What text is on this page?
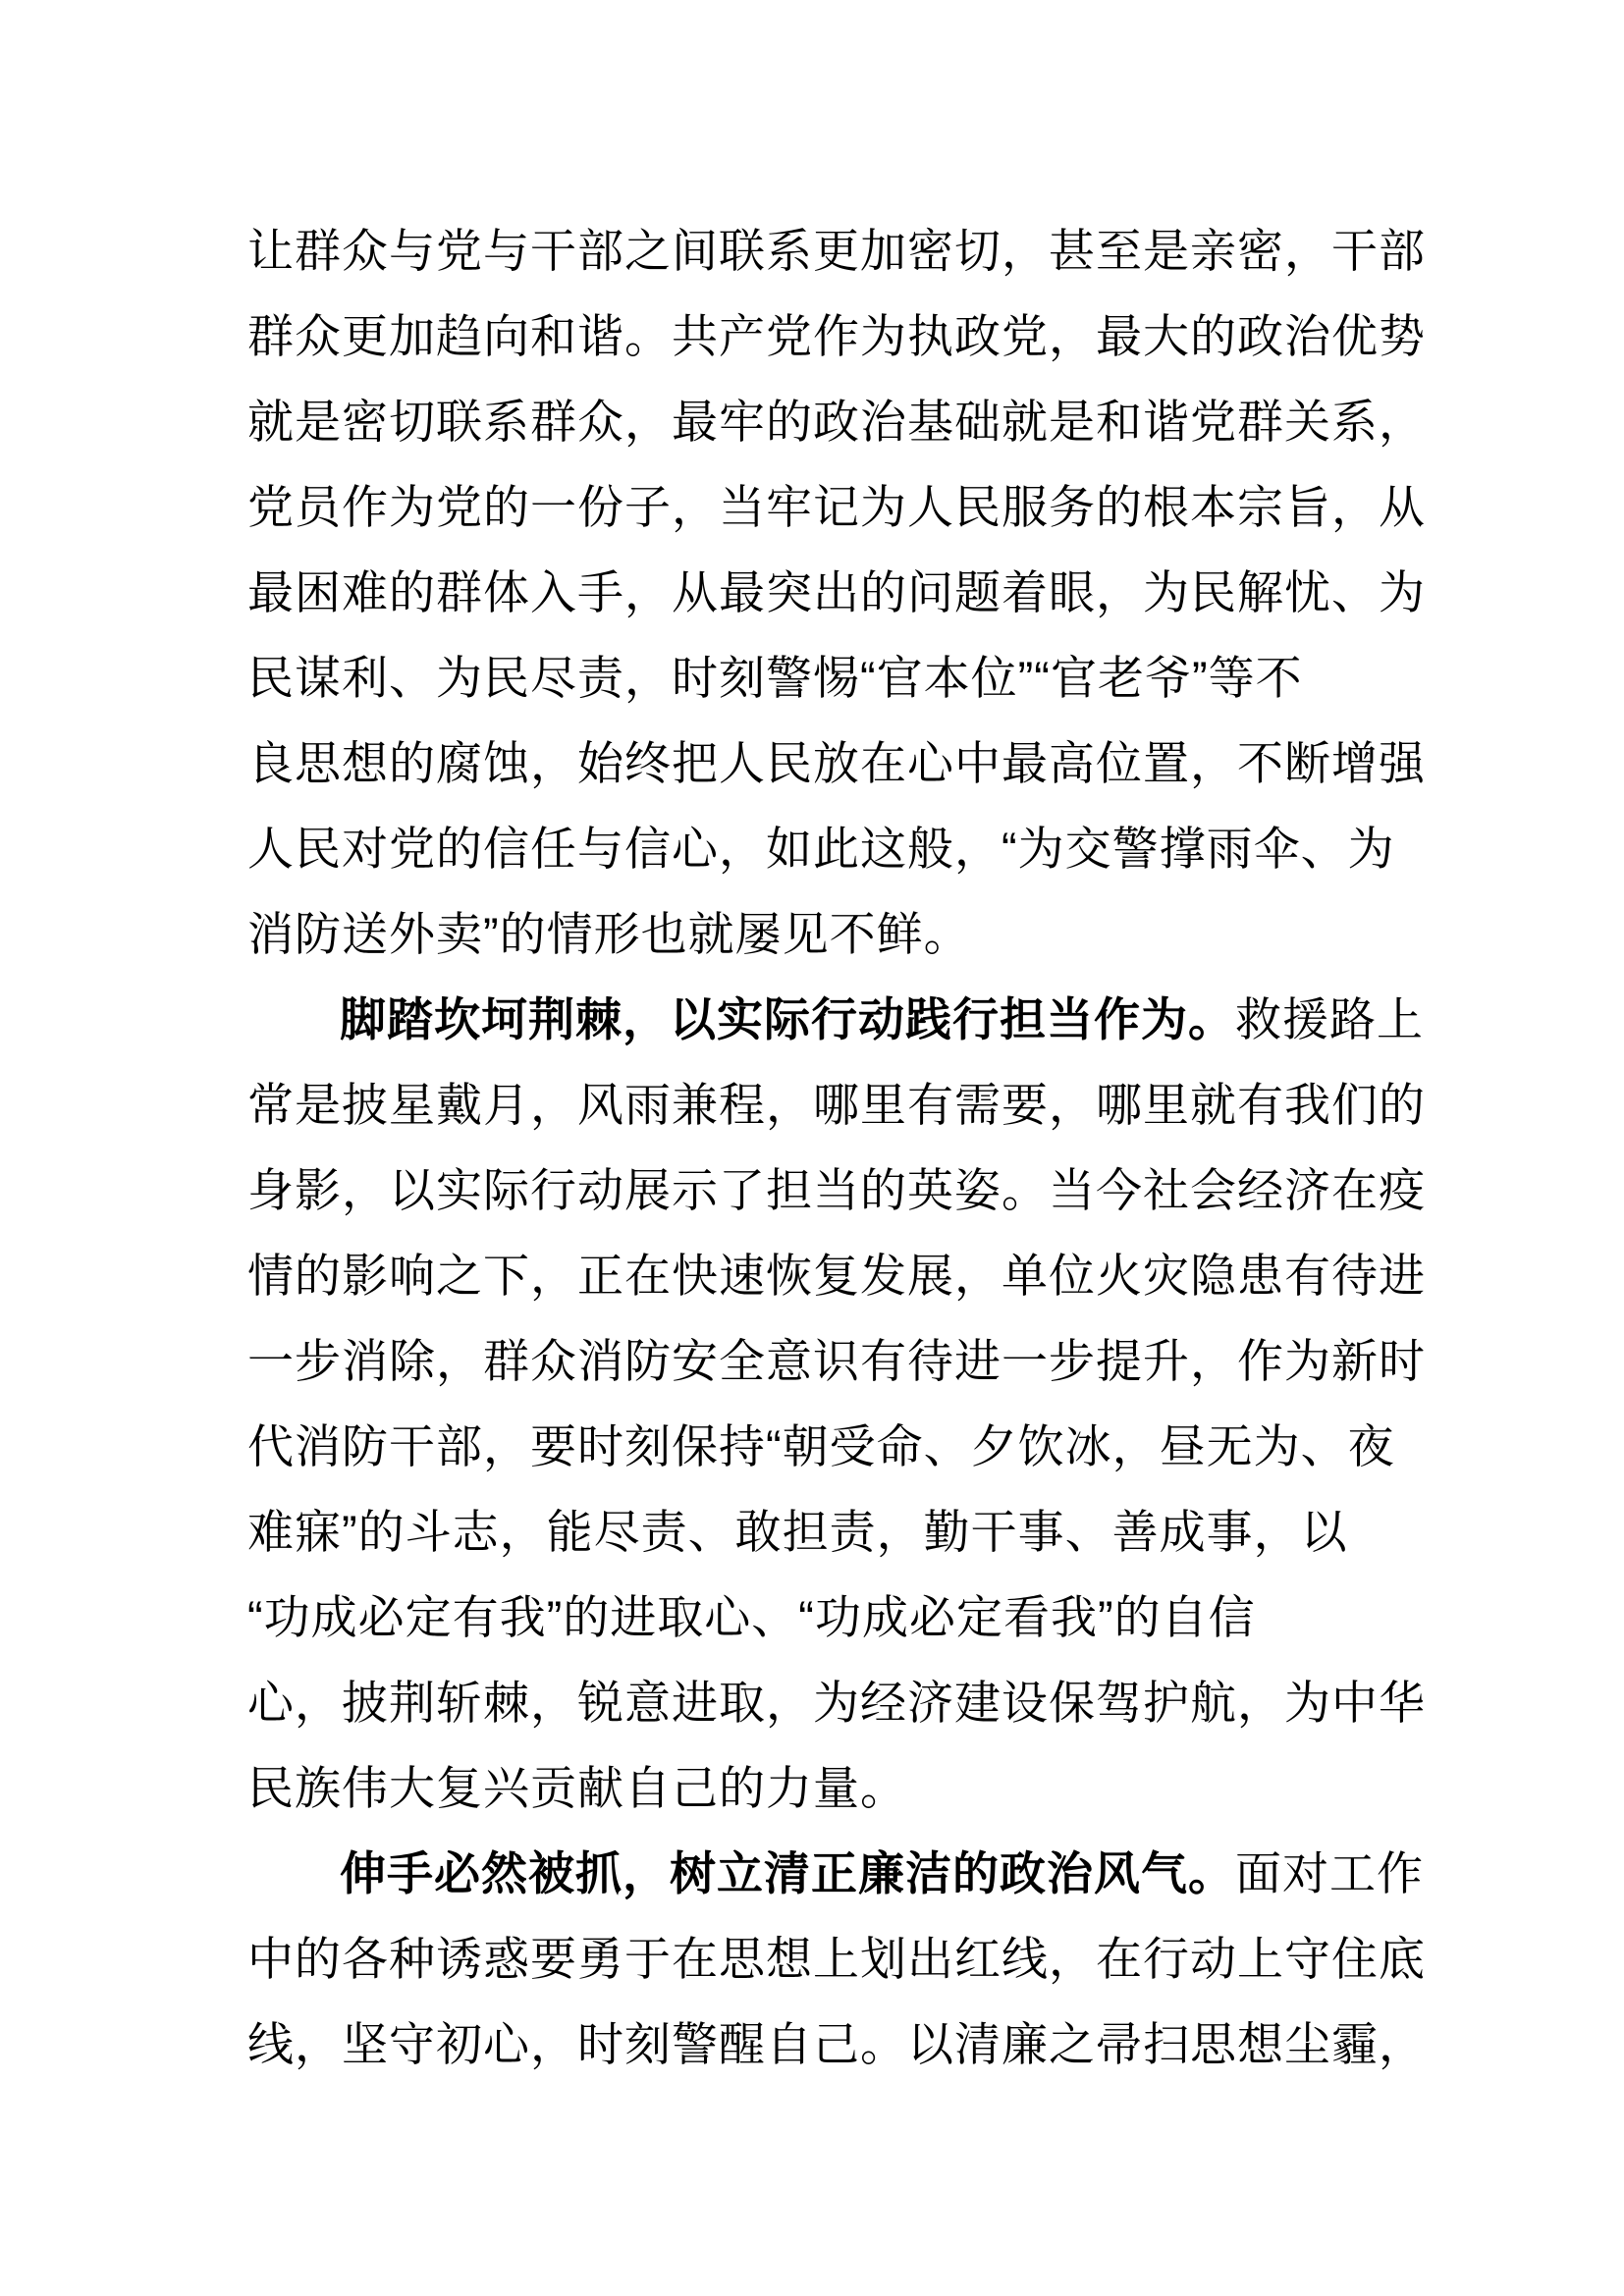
让群众与党与干部之间联系更加密切，甚至是亲密，干部
群众更加趋向和谐。共产党作为执政党，最大的政治优势
就是密切联系群众，最牢的政治基础就是和谐党群关系，
党员作为党的一份子，当牢记为人民服务的根本宗旨，从
最困难的群体入手，从最突出的问题着眼，为民解忧、为
民谋利、为民尽责，时刻警惕“官本位”“官老爷”等不
良思想的腐蚀，始终把人民放在心中最高位置，不断增强
人民对党的信任与信心，如此这般，“为交警撑雨伞、为
消防送外卖”的情形也就屡见不鲜。
脚踏坎坷荆棘，以实际行动践行担当作为。救援路上
常是披星戴月，风雨兼程，哪里有需要，哪里就有我们的
身影，以实际行动展示了担当的英姿。当今社会经济在疫
情的影响之下，正在快速恢复发展，单位火灾隐患有待进
一步消除，群众消防安全意识有待进一步提升，作为新时
代消防干部，要时刻保持“朝受命、夕饮冰，昼无为、夜
难寐”的斗志，能尽责、敢担责，勤干事、善成事，以
“功成必定有我”的进取心、“功成必定看我”的自信
心，披荆斩棘，锐意进取，为经济建设保驾护航，为中华
民族伟大复兴贡献自己的力量。
伸手必然被抓，树立清正廉洁的政治风气。面对工作
中的各种诱惑要勇于在思想上划出红线，在行动上守住底
线，坚守初心，时刻警醒自己。以清廉之帚扫思想尘霾，
